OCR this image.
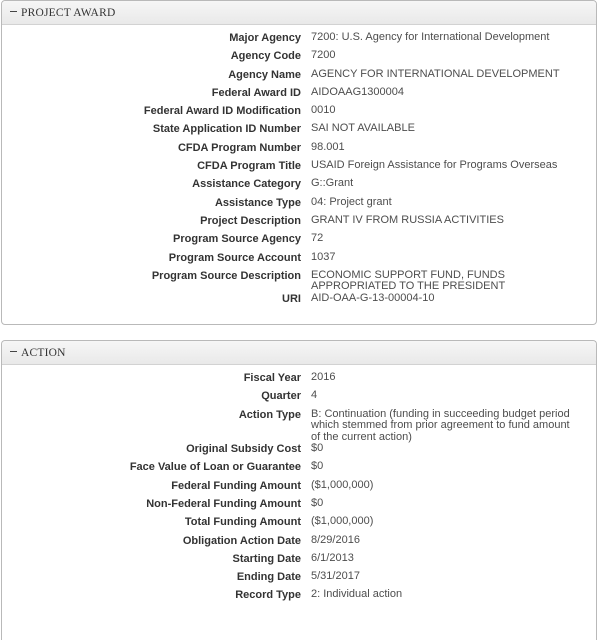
PROJECT AWARD
Major Agency 7200: U.S. Agency for International Development
Agency Code 7200
Agency Name AGENCY FOR INTERNATIONAL DEVELOPMENT
Federal Award ID AIDOAAG1300004
Federal Award ID Modification 0010
State Application ID Number SAI NOT AVAILABLE
CFDA Program Number 98.001
CFDA Program Title USAID Foreign Assistance for Programs Overseas
Assistance Category G::Grant
Assistance Type 04: Project grant
Project Description GRANT IV FROM RUSSIA ACTIVITIES
Program Source Agency 72
Program Source Account 1037
Program Source Description ECONOMIC SUPPORT FUND, FUNDS APPROPRIATED TO THE PRESIDENT
URI AID-OAA-G-13-00004-10
ACTION
Fiscal Year 2016
Quarter 4
Action Type B: Continuation (funding in succeeding budget period which stemmed from prior agreement to fund amount of the current action)
Original Subsidy Cost $0
Face Value of Loan or Guarantee $0
Federal Funding Amount ($1,000,000)
Non-Federal Funding Amount $0
Total Funding Amount ($1,000,000)
Obligation Action Date 8/29/2016
Starting Date 6/1/2013
Ending Date 5/31/2017
Record Type 2: Individual action
